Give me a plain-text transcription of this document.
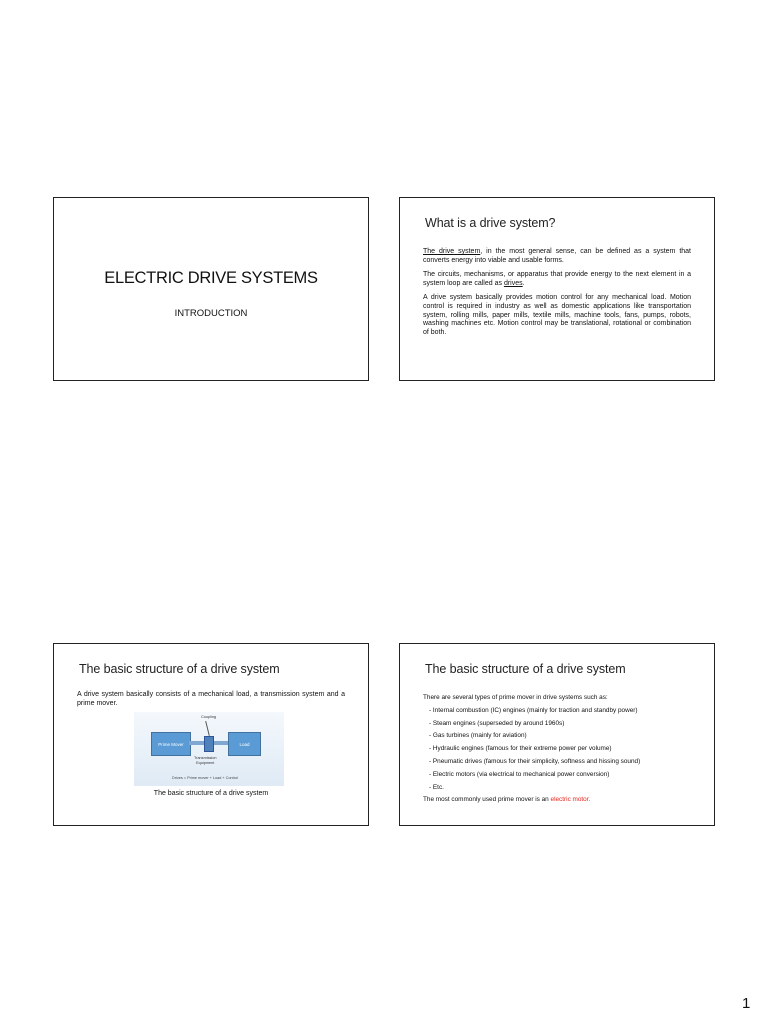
ELECTRIC DRIVE SYSTEMS
INTRODUCTION
What is a drive system?

The drive system, in the most general sense, can be defined as a system that converts energy into viable and usable forms.

The circuits, mechanisms, or apparatus that provide energy to the next element in a system loop are called as drives.

A drive system basically provides motion control for any mechanical load. Motion control is required in industry as well as domestic applications like transportation system, rolling mills, paper mills, textile mills, machine tools, fans, pumps, robots, washing machines etc. Motion control may be translational, rotational or combination of both.

The basic structure of a drive system
A drive system basically consists of a mechanical load, a transmission system and a prime mover.
Coupling
Prime Mover	Load
Transmission
Equipment
Drives = Prime mover + Load + Control
The basic structure of a drive system
The basic structure of a drive system
There are several types of prime mover in drive systems such as:
- Internal combustion (IC) engines (mainly for traction and standby power)
- Steam engines (superseded by around 1960s)
- Gas turbines (mainly for aviation)
- Hydraulic engines (famous for their extreme power per volume)
- Pneumatic drives (famous for their simplicity, softness and hissing sound)
- Electric motors (via electrical to mechanical power conversion)
- Etc.
The most commonly used prime mover is an electric motor.
1
